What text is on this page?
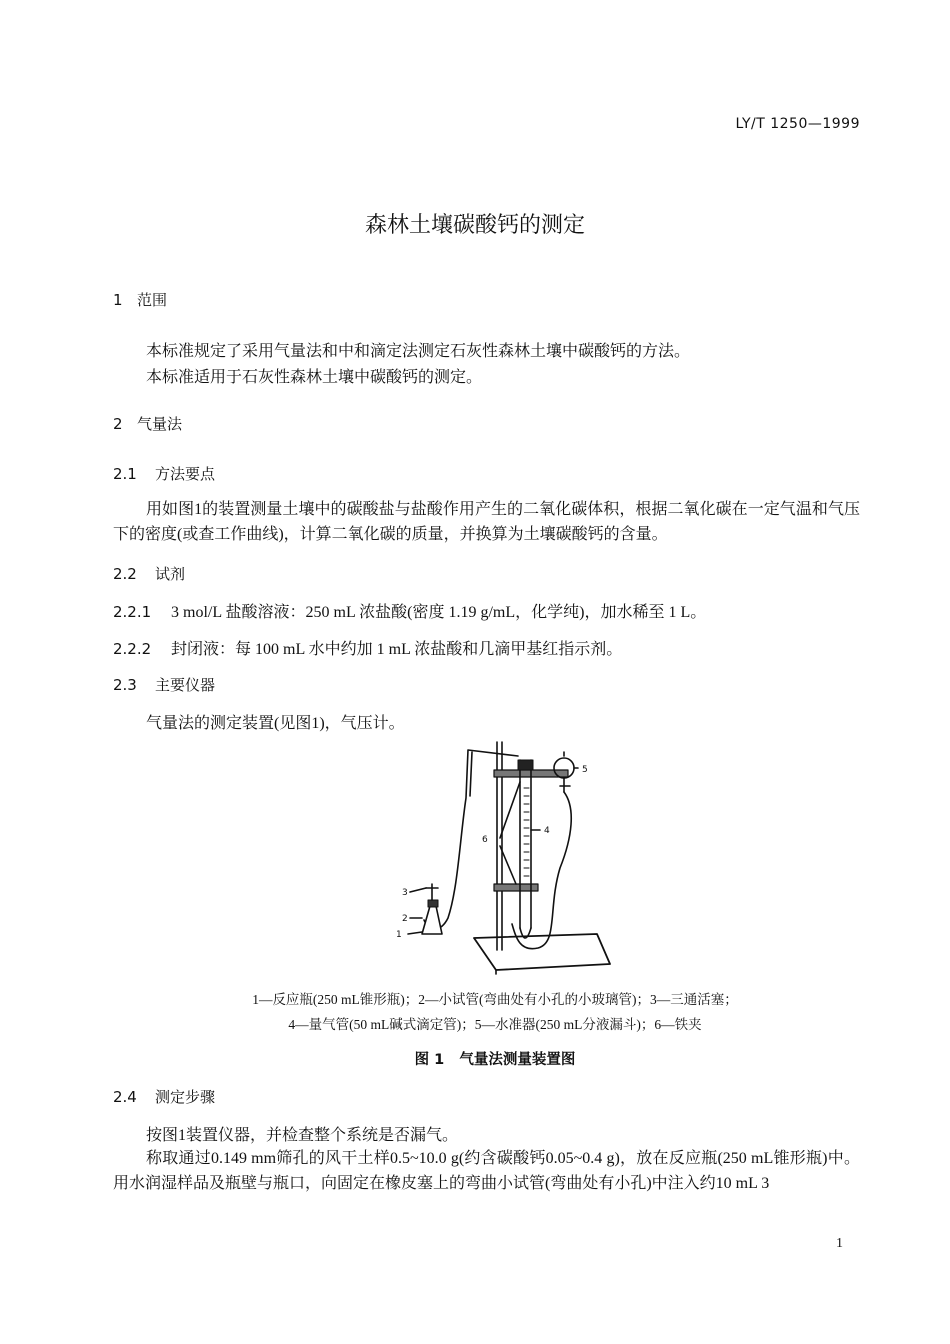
LY/T 1250—1999
森林土壤碳酸钙的测定
1 范围
本标准规定了采用气量法和中和滴定法测定石灰性森林土壤中碳酸钙的方法。
本标准适用于石灰性森林土壤中碳酸钙的测定。
2 气量法
2.1 方法要点
用如图1的装置测量土壤中的碳酸盐与盐酸作用产生的二氧化碳体积，根据二氧化碳在一定气温和气压下的密度(或查工作曲线)，计算二氧化碳的质量，并换算为土壤碳酸钙的含量。
2.2 试剂
2.2.1 3 mol/L 盐酸溶液：250 mL 浓盐酸(密度 1.19 g/mL，化学纯)，加水稀至 1 L。
2.2.2 封闭液：每 100 mL 水中约加 1 mL 浓盐酸和几滴甲基红指示剂。
2.3 主要仪器
气量法的测定装置(见图1)，气压计。
1
2
3
4
5
6
1—反应瓶(250 mL锥形瓶)；2—小试管(弯曲处有小孔的小玻璃管)；3—三通活塞；
4—量气管(50 mL碱式滴定管)；5—水准器(250 mL分液漏斗)；6—铁夹
图 1 气量法测量装置图
2.4 测定步骤
按图1装置仪器，并检查整个系统是否漏气。
称取通过0.149 mm筛孔的风干土样0.5~10.0 g(约含碳酸钙0.05~0.4 g)，放在反应瓶(250 mL锥形瓶)中。用水润湿样品及瓶壁与瓶口，向固定在橡皮塞上的弯曲小试管(弯曲处有小孔)中注入约10 mL 3
1
